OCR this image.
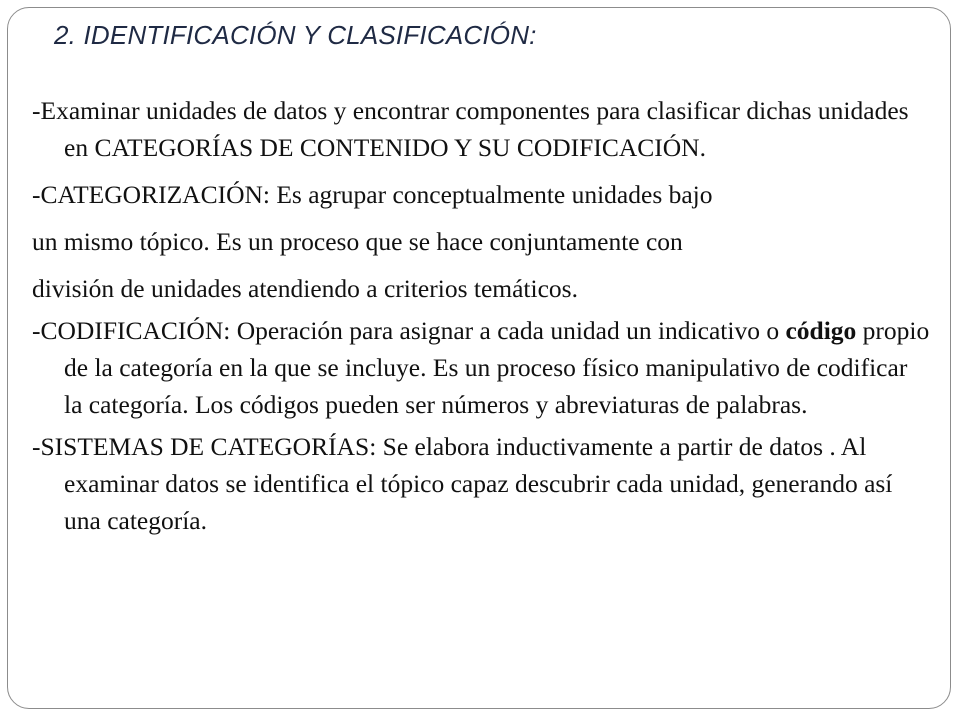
2. IDENTIFICACIÓN Y CLASIFICACIÓN:

-Examinar unidades de datos y encontrar componentes para clasificar dichas unidades en CATEGORÍAS DE CONTENIDO Y SU CODIFICACIÓN.

-CATEGORIZACIÓN: Es agrupar conceptualmente unidades bajo

un mismo tópico. Es un proceso que se hace conjuntamente con

división de unidades atendiendo a criterios temáticos.

-CODIFICACIÓN: Operación para asignar a cada unidad un indicativo o código propio de la categoría en la que se incluye. Es un proceso físico manipulativo de codificar la categoría. Los códigos pueden ser números y abreviaturas de palabras.

-SISTEMAS DE CATEGORÍAS: Se elabora inductivamente a partir de datos . Al examinar datos se identifica el tópico capaz descubrir cada unidad, generando así una categoría.
